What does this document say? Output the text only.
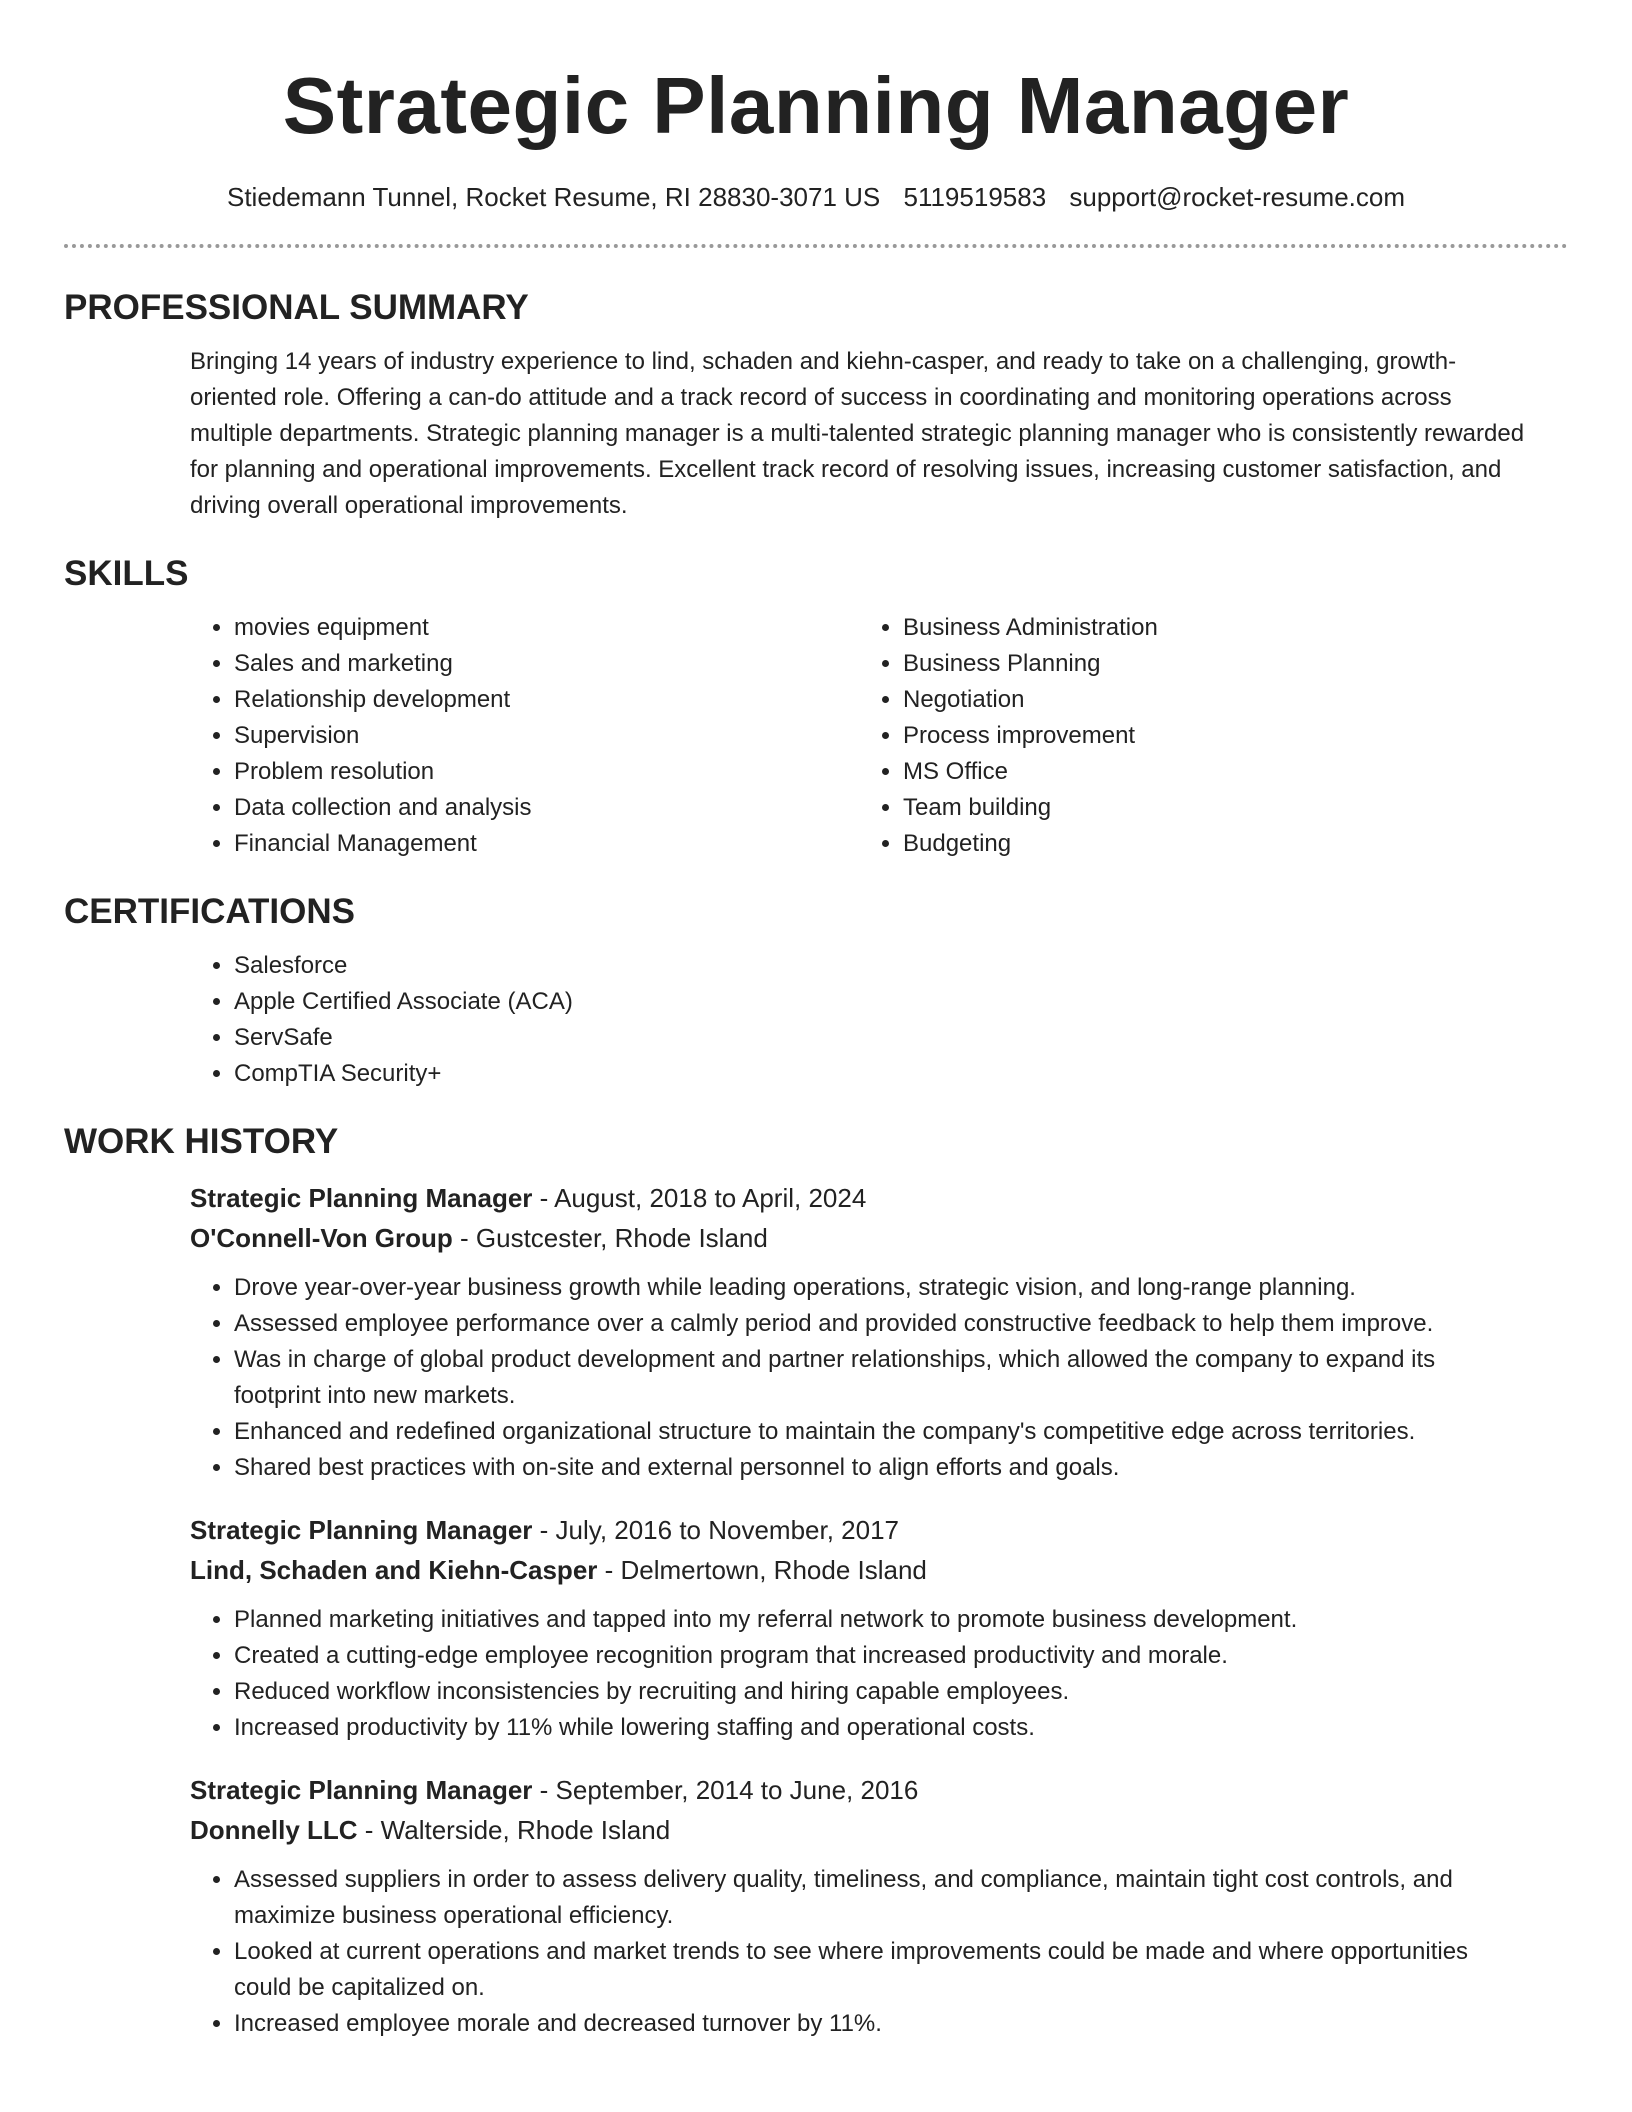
Strategic Planning Manager
Stiedemann Tunnel, Rocket Resume, RI 28830-3071 US 5119519583 support@rocket-resume.com
PROFESSIONAL SUMMARY

Bringing 14 years of industry experience to lind, schaden and kiehn-casper, and ready to take on a challenging, growth-oriented role. Offering a can-do attitude and a track record of success in coordinating and monitoring operations across multiple departments. Strategic planning manager is a multi-talented strategic planning manager who is consistently rewarded for planning and operational improvements. Excellent track record of resolving issues, increasing customer satisfaction, and driving overall operational improvements.

SKILLS
• movies equipment
• Sales and marketing
• Relationship development
• Supervision
• Problem resolution
• Data collection and analysis
• Financial Management
• Business Administration
• Business Planning
• Negotiation
• Process improvement
• MS Office
• Team building
• Budgeting
CERTIFICATIONS
• Salesforce
• Apple Certified Associate (ACA)
• ServSafe
• CompTIA Security+
WORK HISTORY
Strategic Planning Manager - August, 2018 to April, 2024
O'Connell-Von Group - Gustcester, Rhode Island
• Drove year-over-year business growth while leading operations, strategic vision, and long-range planning.
• Assessed employee performance over a calmly period and provided constructive feedback to help them improve.
• Was in charge of global product development and partner relationships, which allowed the company to expand its footprint into new markets.
• Enhanced and redefined organizational structure to maintain the company's competitive edge across territories.
• Shared best practices with on-site and external personnel to align efforts and goals.
Strategic Planning Manager - July, 2016 to November, 2017
Lind, Schaden and Kiehn-Casper - Delmertown, Rhode Island
• Planned marketing initiatives and tapped into my referral network to promote business development.
• Created a cutting-edge employee recognition program that increased productivity and morale.
• Reduced workflow inconsistencies by recruiting and hiring capable employees.
• Increased productivity by 11% while lowering staffing and operational costs.
Strategic Planning Manager - September, 2014 to June, 2016
Donnelly LLC - Walterside, Rhode Island
• Assessed suppliers in order to assess delivery quality, timeliness, and compliance, maintain tight cost controls, and maximize business operational efficiency.
• Looked at current operations and market trends to see where improvements could be made and where opportunities could be capitalized on.
• Increased employee morale and decreased turnover by 11%.
